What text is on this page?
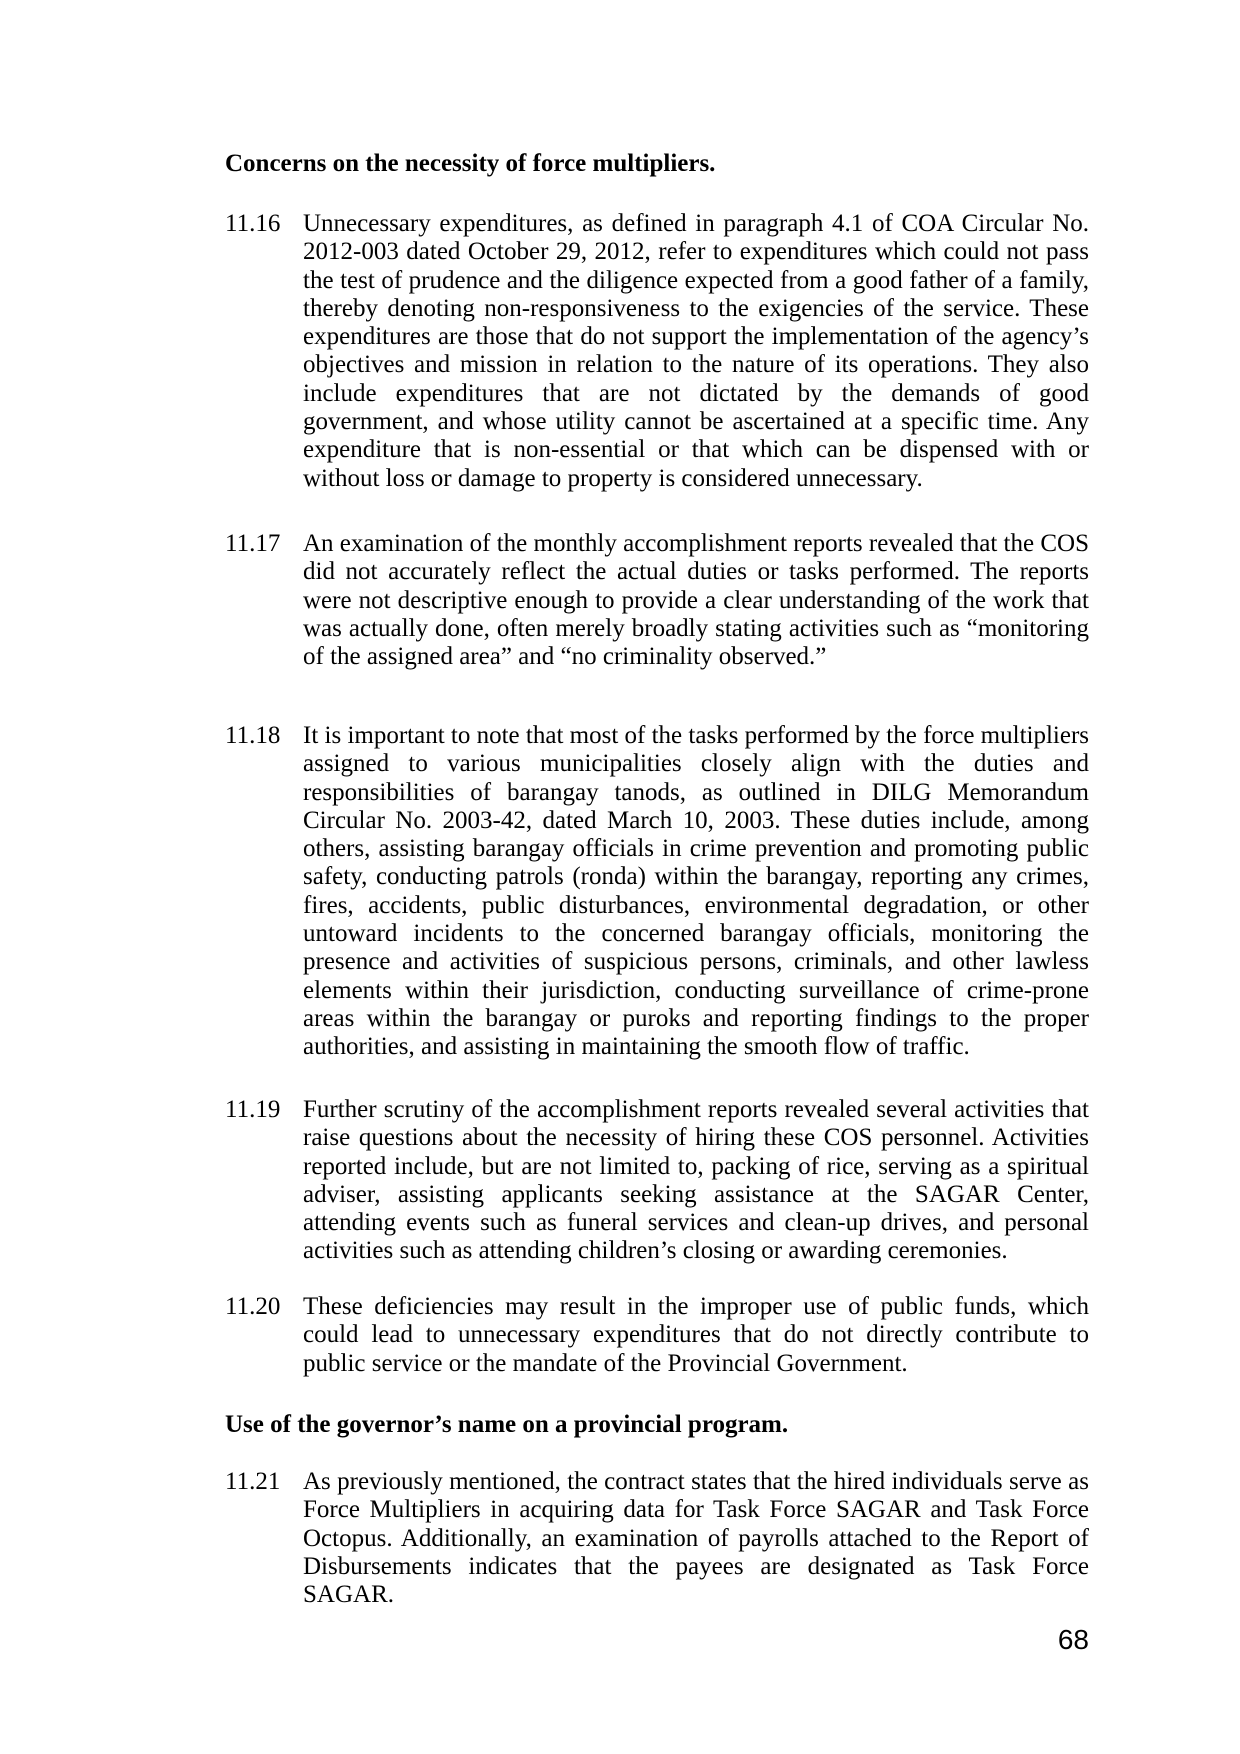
Concerns on the necessity of force multipliers.
11.16 Unnecessary expenditures, as defined in paragraph 4.1 of COA Circular No. 2012-003 dated October 29, 2012, refer to expenditures which could not pass the test of prudence and the diligence expected from a good father of a family, thereby denoting non-responsiveness to the exigencies of the service. These expenditures are those that do not support the implementation of the agency’s objectives and mission in relation to the nature of its operations. They also include expenditures that are not dictated by the demands of good government, and whose utility cannot be ascertained at a specific time. Any expenditure that is non-essential or that which can be dispensed with or without loss or damage to property is considered unnecessary.
11.17 An examination of the monthly accomplishment reports revealed that the COS did not accurately reflect the actual duties or tasks performed. The reports were not descriptive enough to provide a clear understanding of the work that was actually done, often merely broadly stating activities such as “monitoring of the assigned area” and “no criminality observed.”
11.18 It is important to note that most of the tasks performed by the force multipliers assigned to various municipalities closely align with the duties and responsibilities of barangay tanods, as outlined in DILG Memorandum Circular No. 2003-42, dated March 10, 2003. These duties include, among others, assisting barangay officials in crime prevention and promoting public safety, conducting patrols (ronda) within the barangay, reporting any crimes, fires, accidents, public disturbances, environmental degradation, or other untoward incidents to the concerned barangay officials, monitoring the presence and activities of suspicious persons, criminals, and other lawless elements within their jurisdiction, conducting surveillance of crime-prone areas within the barangay or puroks and reporting findings to the proper authorities, and assisting in maintaining the smooth flow of traffic.
11.19 Further scrutiny of the accomplishment reports revealed several activities that raise questions about the necessity of hiring these COS personnel. Activities reported include, but are not limited to, packing of rice, serving as a spiritual adviser, assisting applicants seeking assistance at the SAGAR Center, attending events such as funeral services and clean-up drives, and personal activities such as attending children’s closing or awarding ceremonies.
11.20 These deficiencies may result in the improper use of public funds, which could lead to unnecessary expenditures that do not directly contribute to public service or the mandate of the Provincial Government.
Use of the governor’s name on a provincial program.
11.21 As previously mentioned, the contract states that the hired individuals serve as Force Multipliers in acquiring data for Task Force SAGAR and Task Force Octopus. Additionally, an examination of payrolls attached to the Report of Disbursements indicates that the payees are designated as Task Force SAGAR.
68
